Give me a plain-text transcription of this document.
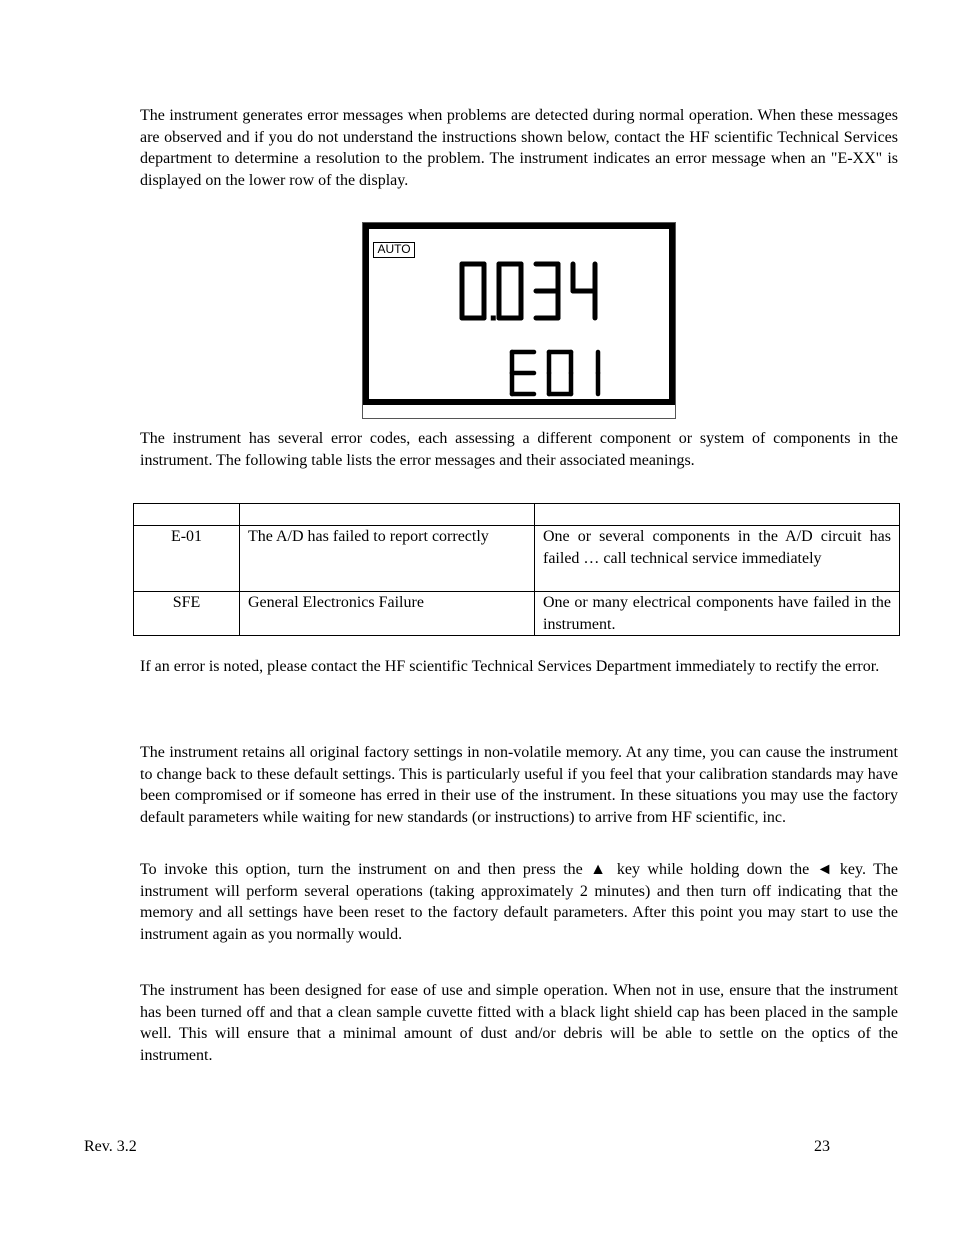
The instrument generates error messages when problems are detected during normal operation. When these messages are observed and if you do not understand the instructions shown below, contact the HF scientific Technical Services department to determine a resolution to the problem. The instrument indicates an error message when an "E-XX" is displayed on the lower row of the display.

AUTO

The instrument has several error codes, each assessing a different component or system of components in the instrument. The following table lists the error messages and their associated meanings.

E-01	The A/D has failed to report correctly	One or several components in the A/D circuit has failed … call technical service immediately
SFE	General Electronics Failure	One or many electrical components have failed in the instrument.

If an error is noted, please contact the HF scientific Technical Services Department immediately to rectify the error.

The instrument retains all original factory settings in non-volatile memory. At any time, you can cause the instrument to change back to these default settings. This is particularly useful if you feel that your calibration standards may have been compromised or if someone has erred in their use of the instrument. In these situations you may use the factory default parameters while waiting for new standards (or instructions) to arrive from HF scientific, inc.

To invoke this option, turn the instrument on and then press the ▲ key while holding down the ◄ key. The instrument will perform several operations (taking approximately 2 minutes) and then turn off indicating that the memory and all settings have been reset to the factory default parameters. After this point you may start to use the instrument again as you normally would.

The instrument has been designed for ease of use and simple operation. When not in use, ensure that the instrument has been turned off and that a clean sample cuvette fitted with a black light shield cap has been placed in the sample well. This will ensure that a minimal amount of dust and/or debris will be able to settle on the optics of the instrument.

Rev. 3.2	23
